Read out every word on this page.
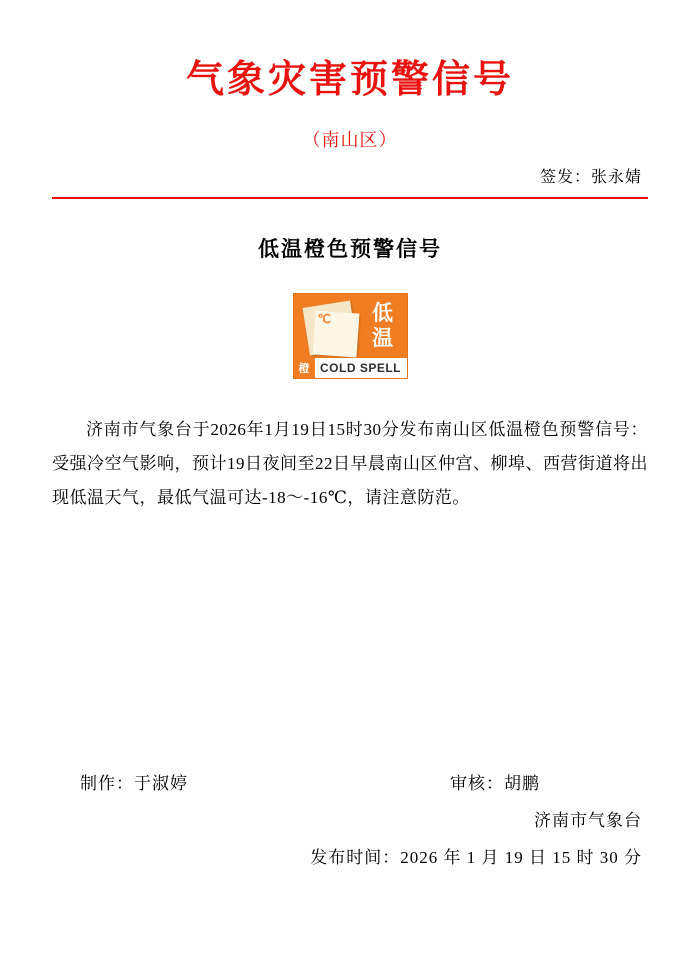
气象灾害预警信号
（南山区）
签发：张永婧
低温橙色预警信号
℃ 低温
橙 COLD SPELL
济南市气象台于2026年1月19日15时30分发布南山区低温橙色预警信号：受强冷空气影响，预计19日夜间至22日早晨南山区仲宫、柳埠、西营街道将出现低温天气，最低气温可达-18～-16℃，请注意防范。
制作：于淑婷	审核：胡鹏
济南市气象台
发布时间：2026 年 1 月 19 日 15 时 30 分
